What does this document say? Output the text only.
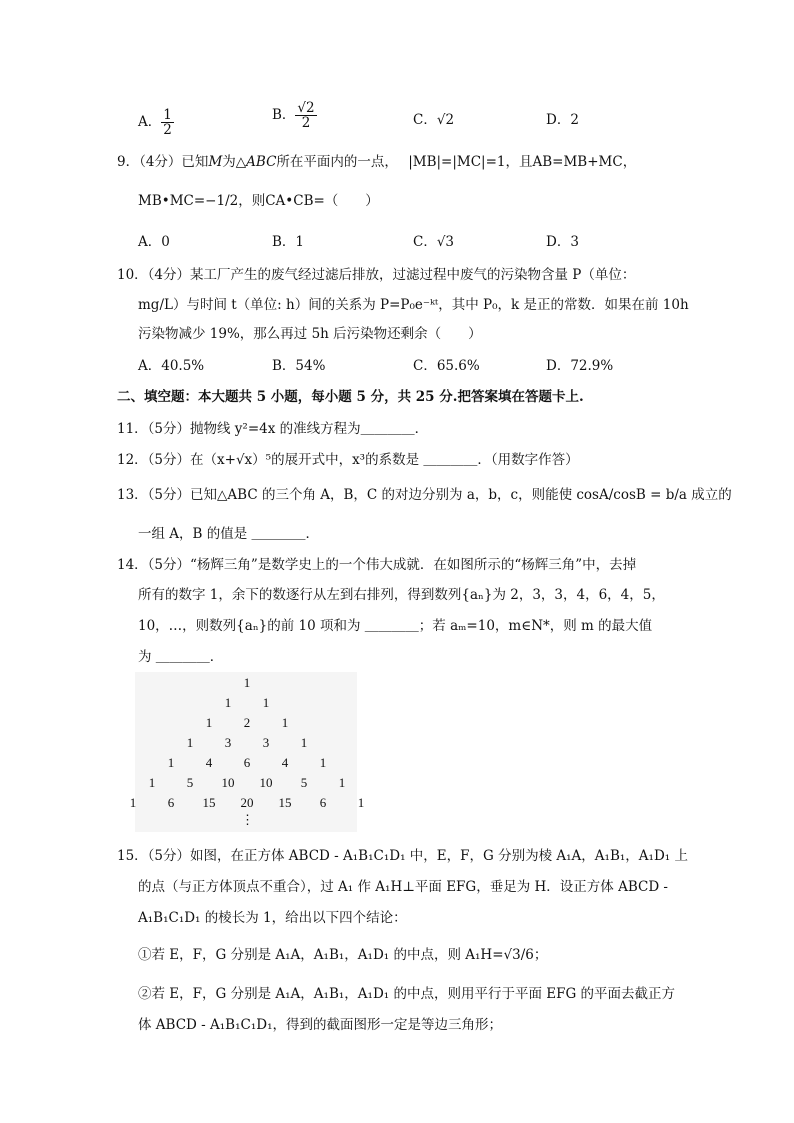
A． $\frac{1}{2}$	B． $\frac{√2}{2}$	C．√2	D．2
9．（4分）已知M为△ABC所在平面内的一点， |MB|=|MC|=1，且AB=MB+MC，
MB•MC=−1/2，则CA•CB=（　　）
A．0	B．1	C．√3	D．3
10．（4分）某工厂产生的废气经过滤后排放，过滤过程中废气的污染物含量 P（单位：
mg/L）与时间 t（单位: h）间的关系为 P=P₀e⁻ᵏᵗ，其中 P₀，k 是正的常数．如果在前 10h
污染物减少 19%，那么再过 5h 后污染物还剩余（　　）
A．40.5%	B．54%	C．65.6%	D．72.9%
二、填空题：本大题共 5 小题，每小题 5 分，共 25 分.把答案填在答题卡上.
11．（5分）抛物线 y²=4x 的准线方程为＿＿＿＿．
12．（5分）在（x+√x）⁵的展开式中，x³的系数是 ＿＿＿＿．（用数字作答）
13．（5分）已知△ABC 的三个角 A，B，C 的对边分别为 a，b，c，则能使 cosA/cosB = b/a 成立的
一组 A，B 的值是 ＿＿＿＿．
14．（5分）“杨辉三角”是数学史上的一个伟大成就．在如图所示的“杨辉三角”中，去掉
所有的数字 1，余下的数逐行从左到右排列，得到数列{aₙ}为 2，3，3，4，6，4，5，
10，…，则数列{aₙ}的前 10 项和为 ＿＿＿＿；若 aₘ=10，m∈N*，则 m 的最大值
为 ＿＿＿＿．
1
1 1
1 2 1
1 3 3 1
1 4 6 4 1
1 5 10 10 5 1
1 6 15 20 15 6 1
⋮
15．（5分）如图，在正方体 ABCD - A₁B₁C₁D₁ 中，E，F，G 分别为棱 A₁A，A₁B₁，A₁D₁ 上
的点（与正方体顶点不重合），过 A₁ 作 A₁H⊥平面 EFG，垂足为 H．设正方体 ABCD -
A₁B₁C₁D₁ 的棱长为 1，给出以下四个结论：
①若 E，F，G 分别是 A₁A，A₁B₁，A₁D₁ 的中点，则 A₁H=√3/6；
②若 E，F，G 分别是 A₁A，A₁B₁，A₁D₁ 的中点，则用平行于平面 EFG 的平面去截正方
体 ABCD - A₁B₁C₁D₁，得到的截面图形一定是等边三角形；
